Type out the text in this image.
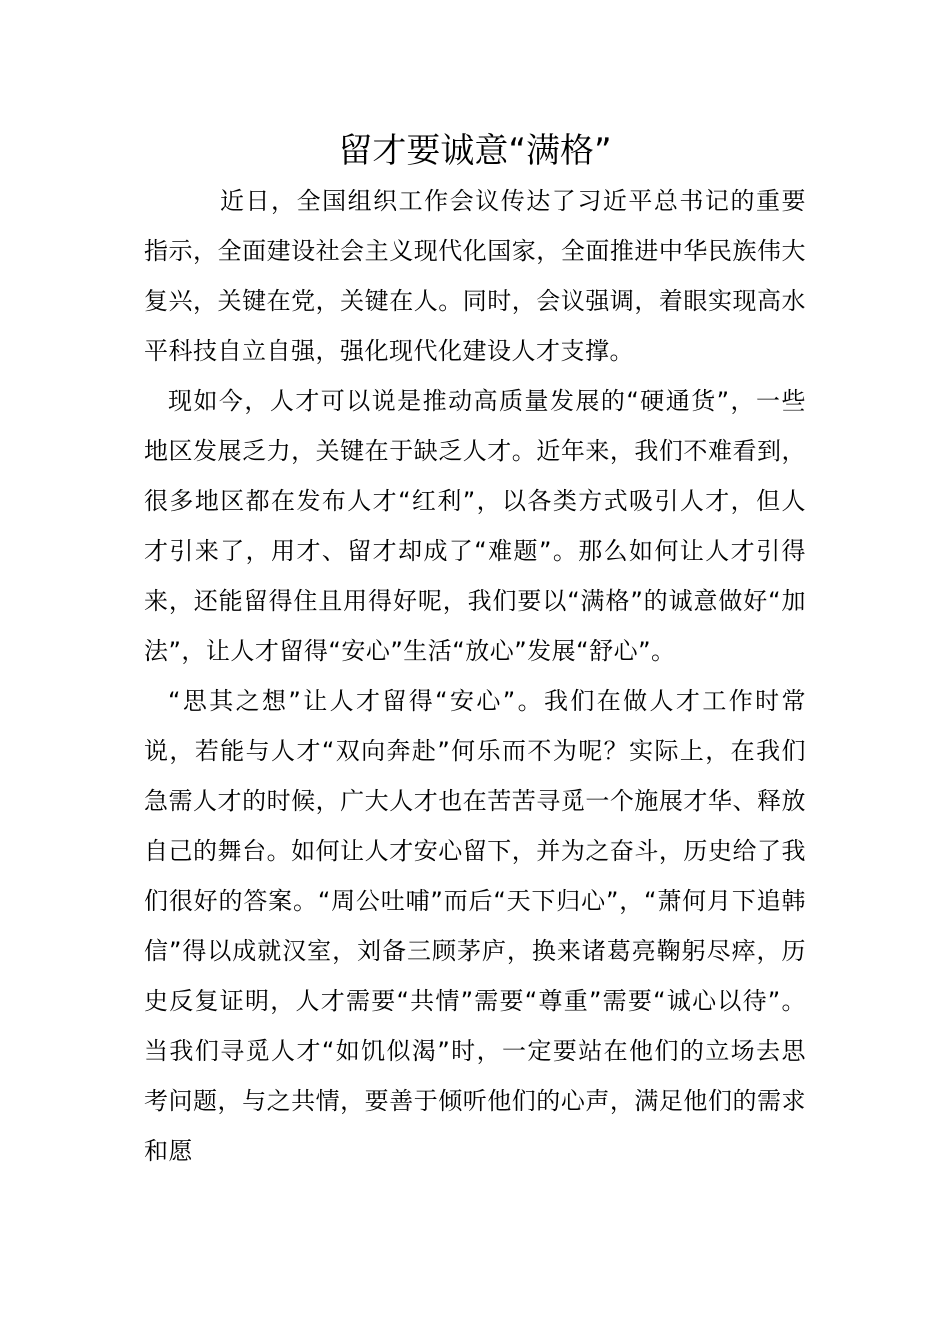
留才要诚意“满格”

近日，全国组织工作会议传达了习近平总书记的重要指示，全面建设社会主义现代化国家，全面推进中华民族伟大复兴，关键在党，关键在人。同时，会议强调，着眼实现高水平科技自立自强，强化现代化建设人才支撑。

现如今，人才可以说是推动高质量发展的“硬通货”，一些地区发展乏力，关键在于缺乏人才。近年来，我们不难看到，很多地区都在发布人才“红利”，以各类方式吸引人才，但人才引来了，用才、留才却成了“难题”。那么如何让人才引得来，还能留得住且用得好呢，我们要以“满格”的诚意做好“加法”，让人才留得“安心”生活“放心”发展“舒心”。

“思其之想”让人才留得“安心”。我们在做人才工作时常说，若能与人才“双向奔赴”何乐而不为呢？实际上，在我们急需人才的时候，广大人才也在苦苦寻觅一个施展才华、释放自己的舞台。如何让人才安心留下，并为之奋斗，历史给了我们很好的答案。“周公吐哺”而后“天下归心”，“萧何月下追韩信”得以成就汉室，刘备三顾茅庐，换来诸葛亮鞠躬尽瘁，历史反复证明，人才需要“共情”需要“尊重”需要“诚心以待”。当我们寻觅人才“如饥似渴”时，一定要站在他们的立场去思考问题，与之共情，要善于倾听他们的心声，满足他们的需求和愿
